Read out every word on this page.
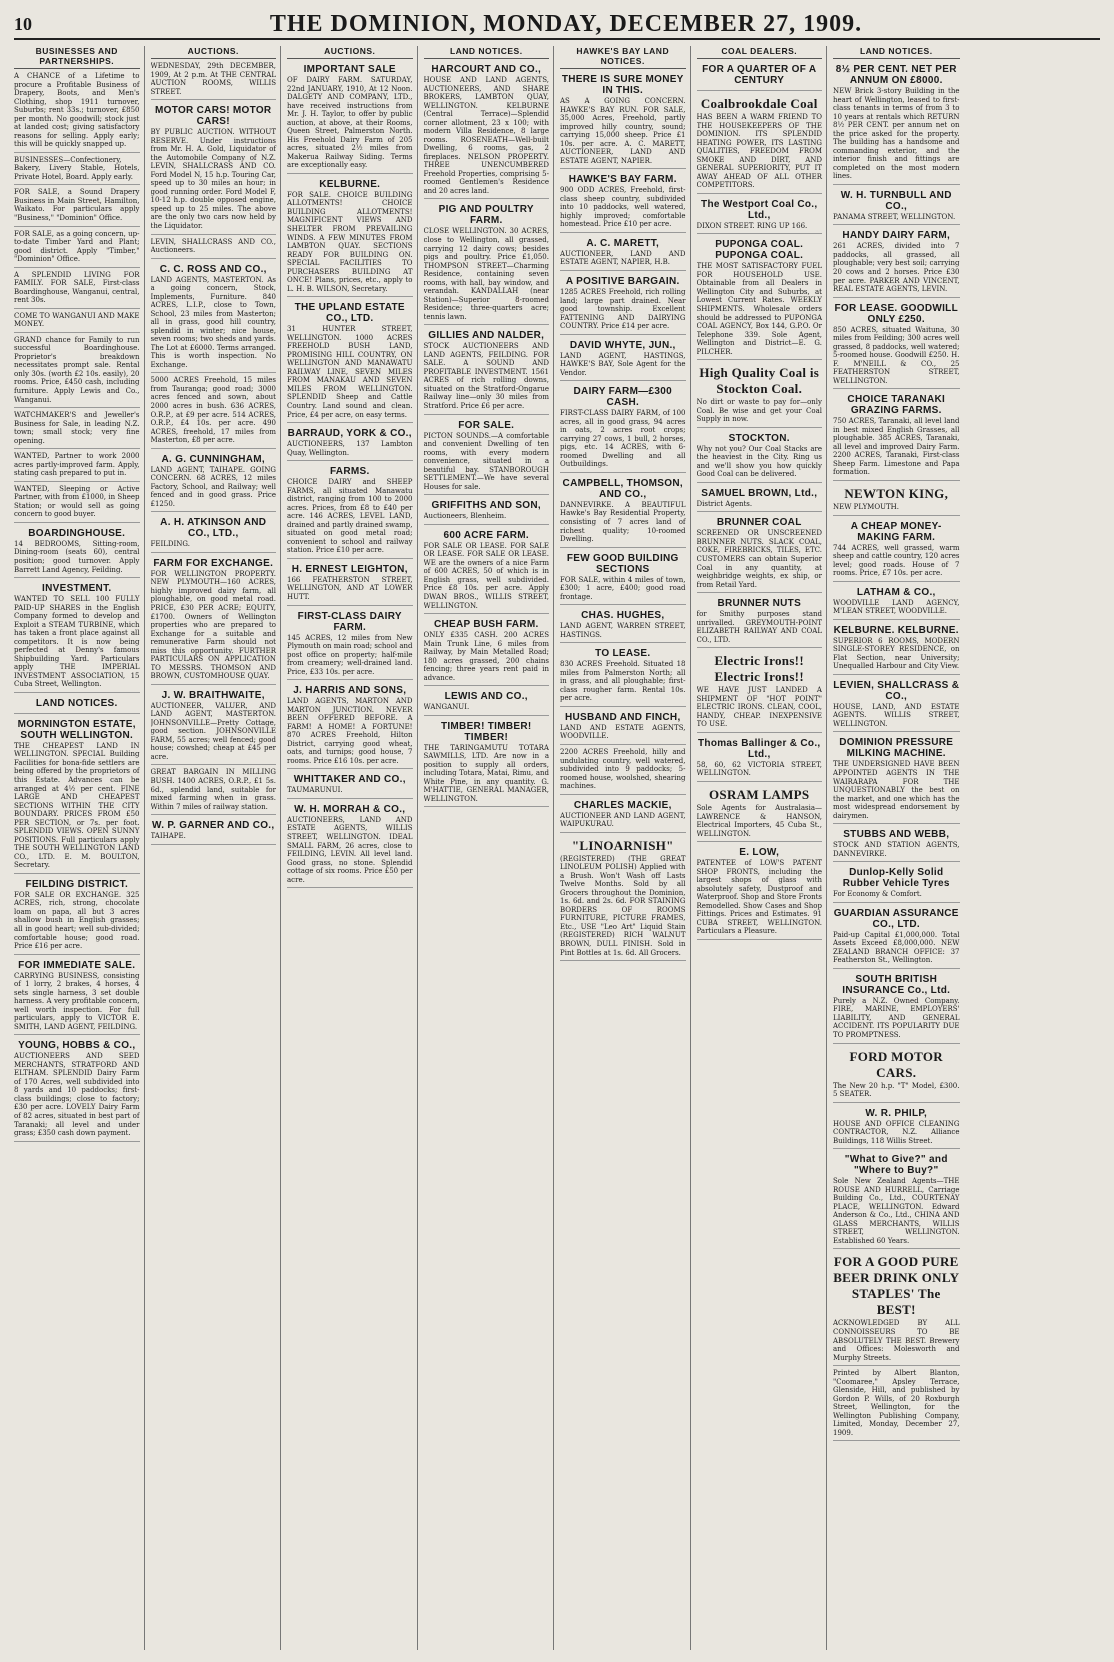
10	THE DOMINION, MONDAY, DECEMBER 27, 1909.
BUSINESSES AND PARTNERSHIPS.

A CHANCE of a Lifetime to procure a Profitable Business of Drapery, Boots, and Men's Clothing, shop 1911 turnover, Suburbs; rent 33s.; turnover, £850 per month. No goodwill; stock just at landed cost; giving satisfactory reasons for selling. Apply early; this will be quickly snapped up.

BUSINESSES—Confectionery, Bakery, Livery Stable, Hotels, Private Hotel, Board. Apply early.

FOR SALE, a Sound Drapery Business in Main Street, Hamilton, Waikato. For particulars apply "Business," "Dominion" Office.

FOR SALE, as a going concern, up-to-date Timber Yard and Plant; good district. Apply "Timber," "Dominion" Office.

A SPLENDID LIVING FOR FAMILY. FOR SALE, First-class Boardinghouse, Wanganui, central, rent 30s.

COME TO WANGANUI AND MAKE MONEY.

GRAND chance for Family to run successful Boardinghouse. Proprietor's breakdown necessitates prompt sale. Rental only 30s. (worth £2 10s. easily), 20 rooms. Price, £450 cash, including furniture. Apply Lewis and Co., Wanganui.

WATCHMAKER'S and Jeweller's Business for Sale, in leading N.Z. town; small stock; very fine opening.

WANTED, Partner to work 2000 acres partly-improved farm. Apply, stating cash prepared to put in.

WANTED, Sleeping or Active Partner, with from £1000, in Sheep Station; or would sell as going concern to good buyer.

BOARDINGHOUSE.

14 BEDROOMS, Sitting-room, Dining-room (seats 60), central position; good turnover. Apply Barrett Land Agency, Feilding.

INVESTMENT.

WANTED TO SELL 100 FULLY PAID-UP SHARES in the English Company formed to develop and Exploit a STEAM TURBINE, which has taken a front place against all competitors. It is now being perfected at Denny's famous Shipbuilding Yard. Particulars apply THE IMPERIAL INVESTMENT ASSOCIATION, 15 Cuba Street, Wellington.

LAND NOTICES.
MORNINGTON ESTATE, SOUTH WELLINGTON.

THE CHEAPEST LAND IN WELLINGTON. SPECIAL Building Facilities for bona-fide settlers are being offered by the proprietors of this Estate. Advances can be arranged at 4½ per cent. FINE LARGE AND CHEAPEST SECTIONS WITHIN THE CITY BOUNDARY. PRICES FROM £50 PER SECTION, or 7s. per foot. SPLENDID VIEWS. OPEN SUNNY POSITIONS. Full particulars apply THE SOUTH WELLINGTON LAND CO., LTD. E. M. BOULTON, Secretary.

FEILDING DISTRICT.

FOR SALE OR EXCHANGE. 325 ACRES, rich, strong, chocolate loam on papa, all but 3 acres shallow bush in English grasses; all in good heart; well sub-divided; comfortable house; good road. Price £16 per acre.

FOR IMMEDIATE SALE.

CARRYING BUSINESS, consisting of 1 lorry, 2 brakes, 4 horses, 4 sets single harness, 3 set double harness. A very profitable concern, well worth inspection. For full particulars, apply to VICTOR E. SMITH, LAND AGENT, FEILDING.

YOUNG, HOBBS & CO.,

AUCTIONEERS AND SEED MERCHANTS, STRATFORD AND ELTHAM. SPLENDID Dairy Farm of 170 Acres, well subdivided into 8 yards and 10 paddocks; first-class buildings; close to factory; £30 per acre. LOVELY Dairy Farm of 82 acres, situated in best part of Taranaki; all level and under grass; £350 cash down payment.

AUCTIONS.

WEDNESDAY, 29th DECEMBER, 1909, At 2 p.m. At THE CENTRAL AUCTION ROOMS, WILLIS STREET.

MOTOR CARS! MOTOR CARS!

BY PUBLIC AUCTION. WITHOUT RESERVE. Under instructions from Mr. H. A. Gold, Liquidator of the Automobile Company of N.Z. LEVIN, SHALLCRASS AND CO. Ford Model N, 15 h.p. Touring Car, speed up to 30 miles an hour; in good running order. Ford Model F, 10-12 h.p. double opposed engine, speed up to 25 miles. The above are the only two cars now held by the Liquidator.

LEVIN, SHALLCRASS AND CO., Auctioneers.

C. C. ROSS AND CO.,

LAND AGENTS, MASTERTON. As a going concern, Stock, Implements, Furniture. 840 ACRES, L.I.P., close to Town, School, 23 miles from Masterton; all in grass, good hill country, splendid in winter; nice house, seven rooms; two sheds and yards. The Lot at £6000. Terms arranged. This is worth inspection. No Exchange.

5000 ACRES Freehold, 15 miles from Tauranga; good road; 3000 acres fenced and sown, about 2000 acres in bush. 636 ACRES, O.R.P., at £9 per acre. 514 ACRES, O.R.P., £4 10s. per acre. 490 ACRES, freehold, 17 miles from Masterton, £8 per acre.

A. G. CUNNINGHAM,

LAND AGENT, TAIHAPE. GOING CONCERN. 68 ACRES, 12 miles Factory, School, and Railway; well fenced and in good grass. Price £1250.

A. H. ATKINSON AND CO., LTD.,

FEILDING.

FARM FOR EXCHANGE.

FOR WELLINGTON PROPERTY. NEW PLYMOUTH—160 ACRES, highly improved dairy farm, all ploughable, on good metal road. PRICE, £30 PER ACRE; EQUITY, £1700. Owners of Wellington properties who are prepared to Exchange for a suitable and remunerative Farm should not miss this opportunity. FURTHER PARTICULARS ON APPLICATION TO MESSRS. THOMSON AND BROWN, CUSTOMHOUSE QUAY.

J. W. BRAITHWAITE,

AUCTIONEER, VALUER, AND LAND AGENT, MASTERTON. JOHNSONVILLE—Pretty Cottage, good section. JOHNSONVILLE FARM, 55 acres; well fenced; good house; cowshed; cheap at £45 per acre.

GREAT BARGAIN IN MILLING BUSH. 1400 ACRES, O.R.P., £1 5s. 6d., splendid land, suitable for mixed farming when in grass. Within 7 miles of railway station.

W. P. GARNER AND CO.,

TAIHAPE.

AUCTIONS.
IMPORTANT SALE

OF DAIRY FARM. SATURDAY, 22nd JANUARY, 1910, At 12 Noon. DALGETY AND COMPANY, LTD., have received instructions from Mr. J. H. Taylor, to offer by public auction, at above, at their Rooms, Queen Street, Palmerston North. His Freehold Dairy Farm of 205 acres, situated 2½ miles from Makerua Railway Siding. Terms are exceptionally easy.

KELBURNE.

FOR SALE. CHOICE BUILDING ALLOTMENTS! CHOICE BUILDING ALLOTMENTS! MAGNIFICENT VIEWS AND SHELTER FROM PREVAILING WINDS. A FEW MINUTES FROM LAMBTON QUAY. SECTIONS READY FOR BUILDING ON. SPECIAL FACILITIES TO PURCHASERS BUILDING AT ONCE! Plans, prices, etc., apply to L. H. B. WILSON, Secretary.

THE UPLAND ESTATE CO., LTD.

31 HUNTER STREET, WELLINGTON. 1000 ACRES FREEHOLD BUSH LAND, PROMISING HILL COUNTRY, ON WELLINGTON AND MANAWATU RAILWAY LINE, SEVEN MILES FROM MANAKAU AND SEVEN MILES FROM WELLINGTON. SPLENDID Sheep and Cattle Country. Land sound and clean. Price, £4 per acre, on easy terms.

BARRAUD, YORK & CO.,

AUCTIONEERS, 137 Lambton Quay, Wellington.

FARMS.

CHOICE DAIRY and SHEEP FARMS, all situated Manawatu district, ranging from 100 to 2000 acres. Prices, from £8 to £40 per acre. 146 ACRES, LEVEL LAND, drained and partly drained swamp, situated on good metal road; convenient to school and railway station. Price £10 per acre.

H. ERNEST LEIGHTON,

166 FEATHERSTON STREET, WELLINGTON, AND AT LOWER HUTT.

FIRST-CLASS DAIRY FARM.

145 ACRES, 12 miles from New Plymouth on main road; school and post office on property; half-mile from creamery; well-drained land. Price, £33 10s. per acre.

J. HARRIS AND SONS,

LAND AGENTS, MARTON AND MARTON JUNCTION. NEVER BEEN OFFERED BEFORE. A FARM! A HOME! A FORTUNE! 870 ACRES Freehold, Hilton District, carrying good wheat, oats, and turnips; good house, 7 rooms. Price £16 10s. per acre.

WHITTAKER AND CO.,

TAUMARUNUI.

W. H. MORRAH & CO.,

AUCTIONEERS, LAND AND ESTATE AGENTS, WILLIS STREET, WELLINGTON. IDEAL SMALL FARM, 26 acres, close to FEILDING, LEVIN. All level land. Good grass, no stone. Splendid cottage of six rooms. Price £50 per acre.

LAND NOTICES.
HARCOURT AND CO.,

HOUSE AND LAND AGENTS, AUCTIONEERS, AND SHARE BROKERS, LAMBTON QUAY, WELLINGTON. KELBURNE (Central Terrace)—Splendid corner allotment, 23 x 100; with modern Villa Residence, 8 large rooms. ROSENEATH—Well-built Dwelling, 6 rooms, gas, 2 fireplaces. NELSON PROPERTY. THREE UNENCUMBERED Freehold Properties, comprising 5-roomed Gentlemen's Residence and 20 acres land.

PIG AND POULTRY FARM.

CLOSE WELLINGTON. 30 ACRES, close to Wellington, all grassed, carrying 12 dairy cows; besides pigs and poultry. Price £1,050. THOMPSON STREET—Charming Residence, containing seven rooms, with hall, bay window, and verandah. KANDALLAH (near Station)—Superior 8-roomed Residence; three-quarters acre; tennis lawn.

GILLIES AND NALDER,

STOCK AUCTIONEERS AND LAND AGENTS, FEILDING. FOR SALE. A SOUND AND PROFITABLE INVESTMENT. 1561 ACRES of rich rolling downs, situated on the Stratford-Ongarue Railway line—only 30 miles from Stratford. Price £6 per acre.

FOR SALE.

PICTON SOUNDS.—A comfortable and convenient Dwelling of ten rooms, with every modern convenience, situated in a beautiful bay. STANBOROUGH SETTLEMENT.—We have several Houses for sale.

GRIFFITHS AND SON,

Auctioneers, Blenheim.

600 ACRE FARM.

FOR SALE OR LEASE. FOR SALE OR LEASE. FOR SALE OR LEASE. WE are the owners of a nice Farm of 600 ACRES, 50 of which is in English grass, well subdivided. Price £8 10s. per acre. Apply DWAN BROS., WILLIS STREET, WELLINGTON.

CHEAP BUSH FARM.

ONLY £335 CASH. 200 ACRES Main Trunk Line, 6 miles from Railway, by Main Metalled Road; 180 acres grassed, 200 chains fencing; three years rent paid in advance.

LEWIS AND CO.,

WANGANUI.

TIMBER! TIMBER! TIMBER!

THE TARINGAMUTU TOTARA SAWMILLS, LTD. Are now in a position to supply all orders, including Totara, Matai, Rimu, and White Pine, in any quantity. G. M'HATTIE, GENERAL MANAGER, WELLINGTON.

HAWKE'S BAY LAND NOTICES.
THERE IS SURE MONEY IN THIS.

AS A GOING CONCERN. HAWKE'S BAY RUN. FOR SALE, 35,000 Acres, Freehold, partly improved hilly country, sound; carrying 15,000 sheep. Price £1 10s. per acre. A. C. MARETT, AUCTIONEER, LAND AND ESTATE AGENT, NAPIER.

HAWKE'S BAY FARM.

900 ODD ACRES, Freehold, first-class sheep country, subdivided into 10 paddocks, well watered, highly improved; comfortable homestead. Price £10 per acre.

A. C. MARETT,

AUCTIONEER, LAND AND ESTATE AGENT, NAPIER, H.B.

A POSITIVE BARGAIN.

1285 ACRES Freehold, rich rolling land; large part drained. Near good township. Excellent FATTENING AND DAIRYING COUNTRY. Price £14 per acre.

DAVID WHYTE, JUN.,

LAND AGENT, HASTINGS, HAWKE'S BAY, Sole Agent for the Vendor.

DAIRY FARM—£300 CASH.

FIRST-CLASS DAIRY FARM, of 100 acres, all in good grass, 94 acres in oats, 2 acres root crops; carrying 27 cows, 1 bull, 2 horses, pigs, etc. 14 ACRES, with 6-roomed Dwelling and all Outbuildings.

CAMPBELL, THOMSON, AND CO.,

DANNEVIRKE. A BEAUTIFUL Hawke's Bay Residential Property, consisting of 7 acres land of richest quality; 10-roomed Dwelling.

FEW GOOD BUILDING SECTIONS

FOR SALE, within 4 miles of town, £300; 1 acre, £400; good road frontage.

CHAS. HUGHES,

LAND AGENT, WARREN STREET, HASTINGS.

TO LEASE.

830 ACRES Freehold. Situated 18 miles from Palmerston North; all in grass, and all ploughable; first-class rougher farm. Rental 10s. per acre.

HUSBAND AND FINCH,

LAND AND ESTATE AGENTS, WOODVILLE.

2200 ACRES Freehold, hilly and undulating country, well watered, subdivided into 9 paddocks; 5-roomed house, woolshed, shearing machines.

CHARLES MACKIE,

AUCTIONEER AND LAND AGENT, WAIPUKURAU.

"LINOARNISH"

(REGISTERED) (THE GREAT LINOLEUM POLISH) Applied with a Brush. Won't Wash off Lasts Twelve Months. Sold by all Grocers throughout the Dominion, 1s. 6d. and 2s. 6d. FOR STAINING BORDERS OF ROOMS FURNITURE, PICTURE FRAMES, Etc., USE "Leo Art" Liquid Stain (REGISTERED) RICH WALNUT BROWN, DULL FINISH. Sold in Pint Bottles at 1s. 6d. All Grocers.

COAL DEALERS.
FOR A QUARTER OF A CENTURY
Coalbrookdale Coal

HAS BEEN A WARM FRIEND TO THE HOUSEKEEPERS OF THE DOMINION. ITS SPLENDID HEATING POWER, ITS LASTING QUALITIES, FREEDOM FROM SMOKE AND DIRT, AND GENERAL SUPERIORITY, PUT IT AWAY AHEAD OF ALL OTHER COMPETITORS.

The Westport Coal Co., Ltd.,

DIXON STREET. RING UP 166.

PUPONGA COAL. PUPONGA COAL.

THE MOST SATISFACTORY FUEL FOR HOUSEHOLD USE. Obtainable from all Dealers in Wellington City and Suburbs, at Lowest Current Rates. WEEKLY SHIPMENTS. Wholesale orders should be addressed to PUPONGA COAL AGENCY, Box 144, G.P.O. Or Telephone 339. Sole Agent, Wellington and District—E. G. PILCHER.

High Quality Coal is Stockton Coal.

No dirt or waste to pay for—only Coal. Be wise and get your Coal Supply in now.

STOCKTON.

Why not you? Our Coal Stacks are the heaviest in the City. Ring us and we'll show you how quickly Good Coal can be delivered.

SAMUEL BROWN, Ltd.,

District Agents.

BRUNNER COAL

SCREENED OR UNSCREENED BRUNNER NUTS. SLACK COAL, COKE, FIREBRICKS, TILES, ETC. CUSTOMERS can obtain Superior Coal in any quantity, at weighbridge weights, ex ship, or from Retail Yard.

BRUNNER NUTS

for Smithy purposes stand unrivalled. GREYMOUTH-POINT ELIZABETH RAILWAY AND COAL CO., LTD.

Electric Irons!! Electric Irons!!

WE HAVE JUST LANDED A SHIPMENT OF "HOT POINT" ELECTRIC IRONS. CLEAN, COOL, HANDY, CHEAP. INEXPENSIVE TO USE.

Thomas Ballinger & Co., Ltd.,

58, 60, 62 VICTORIA STREET, WELLINGTON.

OSRAM LAMPS

Sole Agents for Australasia—LAWRENCE & HANSON, Electrical Importers, 45 Cuba St., WELLINGTON.

E. LOW,

PATENTEE of LOW'S PATENT SHOP FRONTS, including the largest shops of glass with absolutely safety, Dustproof and Waterproof. Shop and Store Fronts Remodelled. Show Cases and Shop Fittings. Prices and Estimates. 91 CUBA STREET, WELLINGTON. Particulars a Pleasure.

LAND NOTICES.
8½ PER CENT. NET PER ANNUM ON £8000.

NEW Brick 3-story Building in the heart of Wellington, leased to first-class tenants in terms of from 3 to 10 years at rentals which RETURN 8½ PER CENT. per annum net on the price asked for the property. The building has a handsome and commanding exterior, and the interior finish and fittings are completed on the most modern lines.

W. H. TURNBULL AND CO.,

PANAMA STREET, WELLINGTON.

HANDY DAIRY FARM,

261 ACRES, divided into 7 paddocks, all grassed, all ploughable; very best soil; carrying 20 cows and 2 horses. Price £30 per acre. PARKER AND VINCENT, REAL ESTATE AGENTS, LEVIN.

FOR LEASE. GOODWILL ONLY £250.

850 ACRES, situated Waituna, 30 miles from Feilding; 300 acres well grassed, 8 paddocks, well watered; 5-roomed house. Goodwill £250. H. F. M'NEILL & CO., 25 FEATHERSTON STREET, WELLINGTON.

CHOICE TARANAKI GRAZING FARMS.

750 ACRES, Taranaki, all level land in best mixed English Grasses, all ploughable. 385 ACRES, Taranaki, all level and improved Dairy Farm. 2200 ACRES, Taranaki, First-class Sheep Farm. Limestone and Papa formation.

NEWTON KING,

NEW PLYMOUTH.

A CHEAP MONEY-MAKING FARM.

744 ACRES, well grassed, warm sheep and cattle country, 120 acres level; good roads. House of 7 rooms. Price, £7 10s. per acre.

LATHAM & CO.,

WOODVILLE LAND AGENCY, M'LEAN STREET, WOODVILLE.

KELBURNE. KELBURNE.

SUPERIOR 6 ROOMS, MODERN SINGLE-STOREY RESIDENCE, on Flat Section, near University; Unequalled Harbour and City View.

LEVIEN, SHALLCRASS & CO.,

HOUSE, LAND, AND ESTATE AGENTS. WILLIS STREET, WELLINGTON.

DOMINION PRESSURE MILKING MACHINE.

THE UNDERSIGNED HAVE BEEN APPOINTED AGENTS IN THE WAIRARAPA FOR THE UNQUESTIONABLY the best on the market, and one which has the most widespread endorsement by dairymen.

STUBBS AND WEBB,

STOCK AND STATION AGENTS, DANNEVIRKE.

Dunlop-Kelly Solid Rubber Vehicle Tyres

For Economy & Comfort.

GUARDIAN ASSURANCE CO., LTD.

Paid-up Capital £1,000,000. Total Assets Exceed £8,000,000. NEW ZEALAND BRANCH OFFICE: 37 Featherston St., Wellington.

SOUTH BRITISH INSURANCE Co., Ltd.

Purely a N.Z. Owned Company. FIRE, MARINE, EMPLOYERS' LIABILITY, AND GENERAL ACCIDENT. ITS POPULARITY DUE TO PROMPTNESS.

FORD MOTOR CARS.

The New 20 h.p. "T" Model, £300. 5 SEATER.

W. R. PHILP,

HOUSE AND OFFICE CLEANING CONTRACTOR, N.Z. Alliance Buildings, 118 Willis Street.

"What to Give?" and "Where to Buy?"

Sole New Zealand Agents—THE ROUSE AND HURRELL, Carriage Building Co., Ltd., COURTENAY PLACE, WELLINGTON. Edward Anderson & Co., Ltd., CHINA AND GLASS MERCHANTS, WILLIS STREET, WELLINGTON. Established 60 Years.

FOR A GOOD PURE BEER DRINK ONLY STAPLES' The BEST!

ACKNOWLEDGED BY ALL CONNOISSEURS TO BE ABSOLUTELY THE BEST. Brewery and Offices: Molesworth and Murphy Streets.

Printed by Albert Blanton, "Coomaree," Apsley Terrace, Glenside, Hill, and published by Gordon P. Wills, of 20 Roxburgh Street, Wellington, for the Wellington Publishing Company, Limited, Monday, December 27, 1909.
